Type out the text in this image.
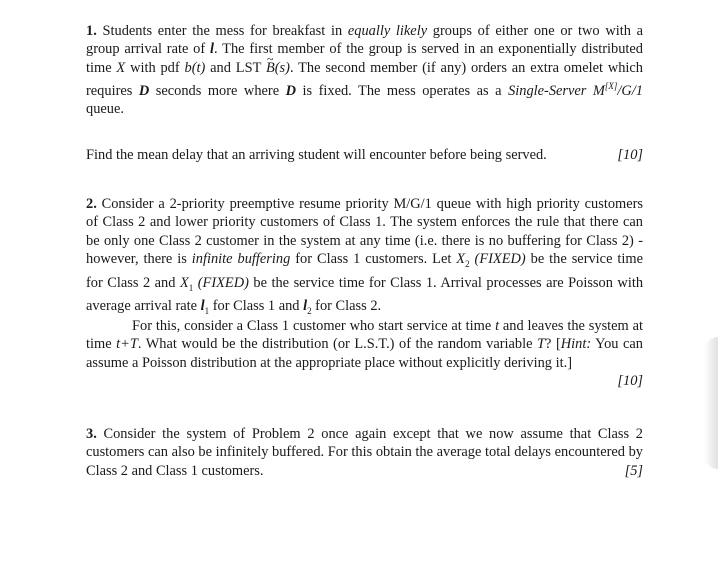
1. Students enter the mess for breakfast in equally likely groups of either one or two with a group arrival rate of l. The first member of the group is served in an exponentially distributed time X with pdf b(t) and LST ~ B(s). The second member (if any) orders an extra omelet which requires D seconds more where D is fixed. The mess operates as a Single-Server M[X]/G/1 queue.

[10]
Find the mean delay that an arriving student will encounter before being served.

2. Consider a 2-priority preemptive resume priority M/G/1 queue with high priority customers of Class 2 and lower priority customers of Class 1. The system enforces the rule that there can be only one Class 2 customer in the system at any time (i.e. there is no buffering for Class 2) - however, there is infinite buffering for Class 1 customers. Let $X_2$ (FIXED) be the service time for Class 2 and $X_1$ (FIXED) be the service time for Class 1. Arrival processes are Poisson with average arrival rate $l_1$ for Class 1 and $l_2$ for Class 2.

For this, consider a Class 1 customer who start service at time t and leaves the system at time t+T. What would be the distribution (or L.S.T.) of the random variable T? [Hint: You can assume a Poisson distribution at the appropriate place without explicitly deriving it.]
[10]

3. Consider the system of Problem 2 once again except that we now assume that Class 2 customers can also be infinitely buffered. For this obtain the average total delays encountered by Class 2 and Class 1 customers.	[5]
